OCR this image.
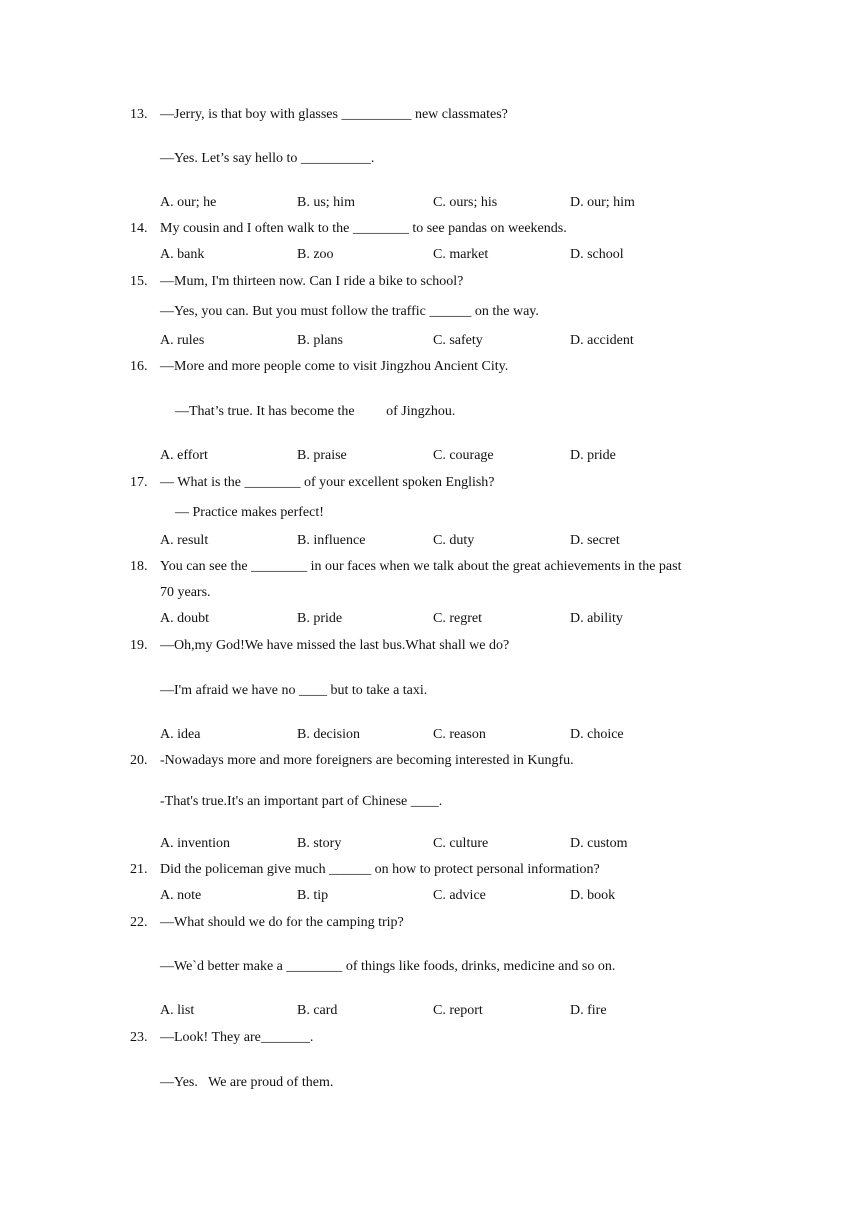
13. —Jerry, is that boy with glasses __________ new classmates?
—Yes. Let’s say hello to __________.
A. our; he	B. us; him	C. ours; his	D. our; him
14. My cousin and I often walk to the ________ to see pandas on weekends.
A. bank	B. zoo	C. market	D. school
15. —Mum, I'm thirteen now. Can I ride a bike to school?
—Yes, you can. But you must follow the traffic ______ on the way.
A. rules	B. plans	C. safety	D. accident
16. —More and more people come to visit Jingzhou Ancient City.
—That’s true. It has become the         of Jingzhou.
A. effort	B. praise	C. courage	D. pride
17. — What is the ________ of your excellent spoken English?
— Practice makes perfect!
A. result	B. influence	C. duty	D. secret
18. You can see the ________ in our faces when we talk about the great achievements in the past
70 years.
A. doubt	B. pride	C. regret	D. ability
19. —Oh,my God!We have missed the last bus.What shall we do?
—I'm afraid we have no ____ but to take a taxi.
A. idea	B. decision	C. reason	D. choice
20. -Nowadays more and more foreigners are becoming interested in Kungfu.
-That's true.It's an important part of Chinese ____.
A. invention	B. story	C. culture	D. custom
21. Did the policeman give much ______ on how to protect personal information?
A. note	B. tip	C. advice	D. book
22. —What should we do for the camping trip?
—We`d better make a ________ of things like foods, drinks, medicine and so on.
A. list	B. card	C. report	D. fire
23. —Look! They are_______.
—Yes.   We are proud of them.
